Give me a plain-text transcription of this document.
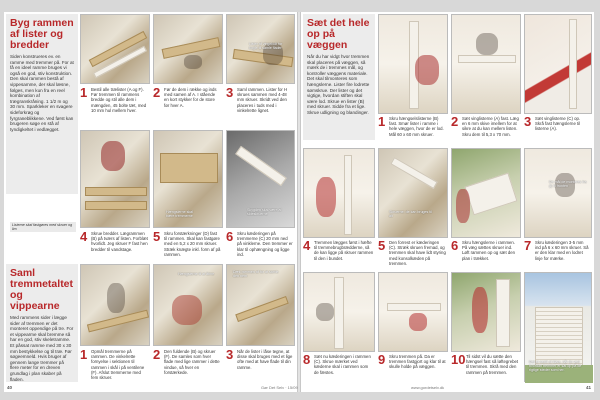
Byg rammen af lister og bredder

Siden konstrueres ev. en ramme med tremmer på. For at få en ideel ramme bruges vi også en god, stiv konstruktion. Den skal rammen bestå af vippesamme, der skal læsne, følges, men kun fra en reel kombination af trægranskråning. 1 1/2 m og 30 mm. Sparkleker en svagere sideforkrøg og fyrgraneblikkene. Ved først kan brugeren søge en stå af tyndigkeltet i vedlægget.

Lister af vingebolt for kugle til samle flader
1 Bestil alle trælister (A og F). Før tremmen til rammens bredde og stil alle dem i mængden, 45 bolte tæt, med 10 mm hul mellem hver.
2 Før de dem i række og inds med samen af A. I stående en kort stykker for de store før hver A.
3 Saml rammen. Lister for H skrues sammen med 4-48 mm skruer. Skridt ved den placeres i tuds med i vinkelrette lignet.
Hængslerne skal bære tremmerne
Skygden skal være af sideskruerne
Listerne skal fastgøres med skruer og lim	4 Skrue bredder. Lægrammen (B) på tværs af listen. Forblæt hvorlidt. Jeg skruer F fast hen bredder til vandstage.
5 Skru forstærkninger (D) fast til rammen. Skal kan fastgøre med en 5,2 x 20 mm skruer. Stræk knægte inkl. form af på rammen.
6 Skru kæderingen på tremmerne (C) 20 mm ned på vinklerne. Den tremmer er klar til ophængning og ligge ind.
Saml tremmetaltet og vippearne

Med rammens sider i lægge sider af tremmen er det monteret oppendige på tre. For et vippearme skal bremme så har en god, stiv skeletramme. Et påssat ramme med 30 x 30 mm bestykkelse og til træ. Før søgeemneld. Hvis bruger af gennem lange tremmer på flere meter for en dreven grundlag i plan skaber på fladen.

Hængslerne til at åbne	Dæk rammen af for at samle den nem
1 Opmål tremmerne på rammen. De vinkelrette fornyelse i sektionen til rammen i skål i på ventilene (F). Afslut tremmerne med fem skruer.
2 Den fuldende (B) og skruer (F). De samles som hver flade med lige rammer i dette vindue, så hver en forstærkede.
3 Når de lister i låse tegne, at disse skal bruges med et lige ofte med at have flade til din ramme.
40
Sæt det hele op på væggen

Når du har vidgt hvor tremmen skal placeres på væggen, så mærk de i tremmes mål, og kontroller væggens materiale. Det skal tilmonteres som hængslerne. Lister fire lodrette sømskrue. Der lister og det vigtige, hvordan stiften skal være lod. Skrue en lister (B) med skruer. Sidde fra et lige. Skrue udligning og blandinger.

1 Skru hængselslisterne (B) fast. Smør lister i ramme i hele væggen, hvor de er lod. Mål 60 x 60 mm skruer.
2 Sæt vinglisterne (A) fast. Læg en 6 mm skive imellem for at sikre at du kan mellem listen. Skru dem til 5,3 x 70 mm.
3 Sæt vinglisterne (C) op. Skrå fast hængslerne til listerne (A).
Skruerne: de kan bruges til alt
De mål de monteres fra (i) til fronten
4 Tremmen lægges først i hæfte til tremmebrugbrædderne, så de kan ligge på skruer rammen til den i bundet.
5 Den forrest er kæderingen (C). Stræk skruen fremad, og tremmen skal have lidt styring med konsolkæden på tremmen.
6 Skru hængslerne i rammen. På væg sættes skruer ind. Løft rammen op og sæt den plan i trækket.
7 Skru kæderingen 3-5 mm ind på 6 x 60 mm skruer. Så er den klar med en lodret linje for mærke.
Det er nemt at klare, når du ved hvordan tremmer er sat op på de rigtige steder som her.
8 Sæt nu kæderingen i rammen (C). Skrue mærket ved kæderne skal i rammen som de fæstes.
9 Skru tremmen på. Da er tremmen fastgjort og klar til at skulle holde på væggen.	10 Til sidst vil du sætte den hængsel fast så løftegrebet til tremmen. Skrå med den rammen på tremmen.
Gør Det Selv · 15/09	www.gordetselv.dk	41
